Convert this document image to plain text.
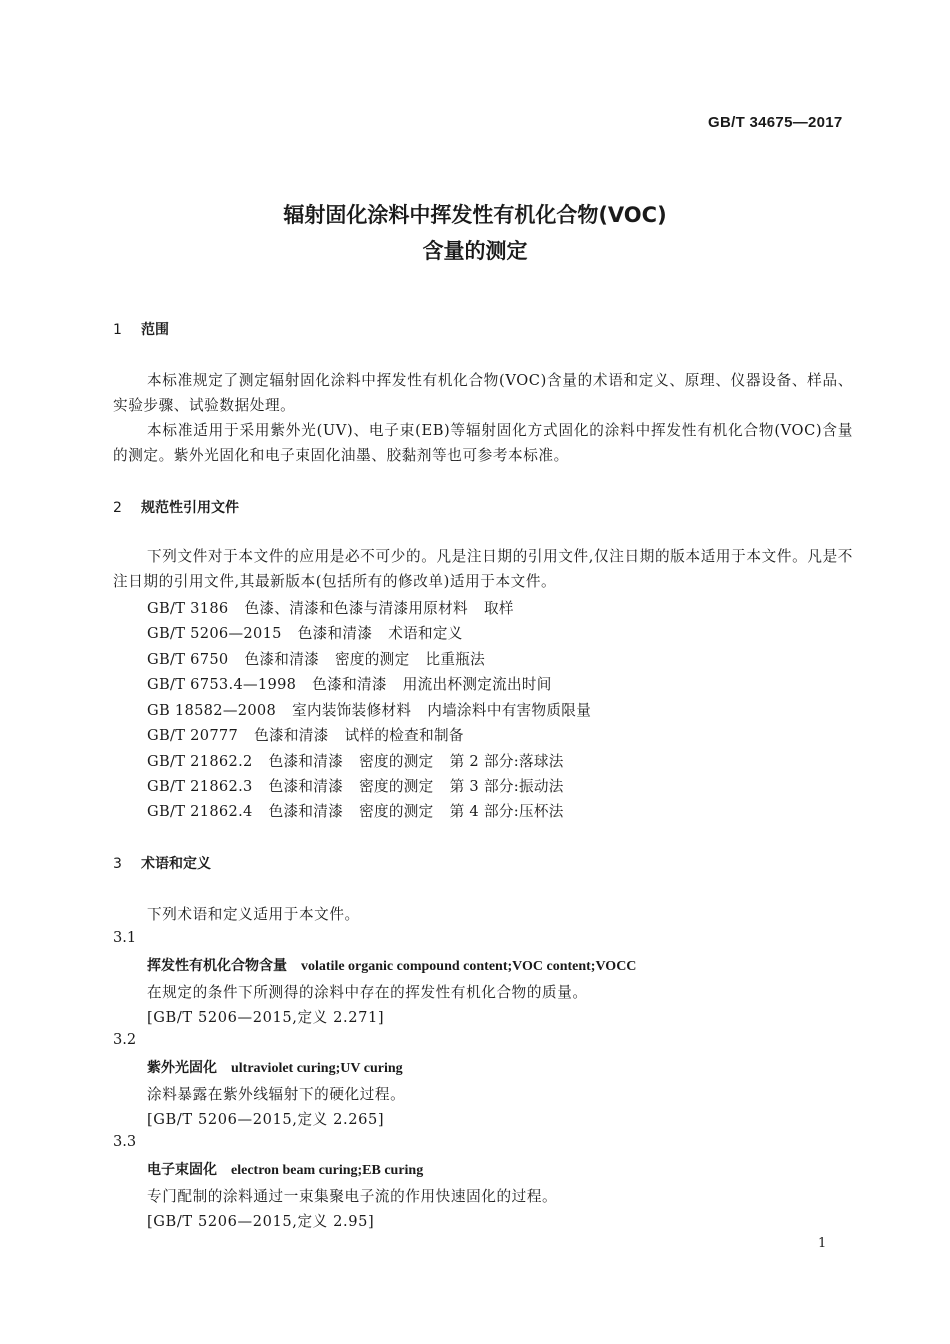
GB/T 34675—2017
辐射固化涂料中挥发性有机化合物(VOC)
含量的测定
1 范围
本标准规定了测定辐射固化涂料中挥发性有机化合物(VOC)含量的术语和定义、原理、仪器设备、样品、实验步骤、试验数据处理。
本标准适用于采用紫外光(UV)、电子束(EB)等辐射固化方式固化的涂料中挥发性有机化合物(VOC)含量的测定。紫外光固化和电子束固化油墨、胶黏剂等也可参考本标准。
2 规范性引用文件
下列文件对于本文件的应用是必不可少的。凡是注日期的引用文件,仅注日期的版本适用于本文件。凡是不注日期的引用文件,其最新版本(包括所有的修改单)适用于本文件。
GB/T 3186 色漆、清漆和色漆与清漆用原材料 取样
GB/T 5206—2015 色漆和清漆 术语和定义
GB/T 6750 色漆和清漆 密度的测定 比重瓶法
GB/T 6753.4—1998 色漆和清漆 用流出杯测定流出时间
GB 18582—2008 室内装饰装修材料 内墙涂料中有害物质限量
GB/T 20777 色漆和清漆 试样的检查和制备
GB/T 21862.2 色漆和清漆 密度的测定 第 2 部分:落球法
GB/T 21862.3 色漆和清漆 密度的测定 第 3 部分:振动法
GB/T 21862.4 色漆和清漆 密度的测定 第 4 部分:压杯法
3 术语和定义
下列术语和定义适用于本文件。
3.1
挥发性有机化合物含量 volatile organic compound content;VOC content;VOCC
在规定的条件下所测得的涂料中存在的挥发性有机化合物的质量。
[GB/T 5206—2015,定义 2.271]
3.2
紫外光固化 ultraviolet curing;UV curing
涂料暴露在紫外线辐射下的硬化过程。
[GB/T 5206—2015,定义 2.265]
3.3
电子束固化 electron beam curing;EB curing
专门配制的涂料通过一束集聚电子流的作用快速固化的过程。
[GB/T 5206—2015,定义 2.95]
1
